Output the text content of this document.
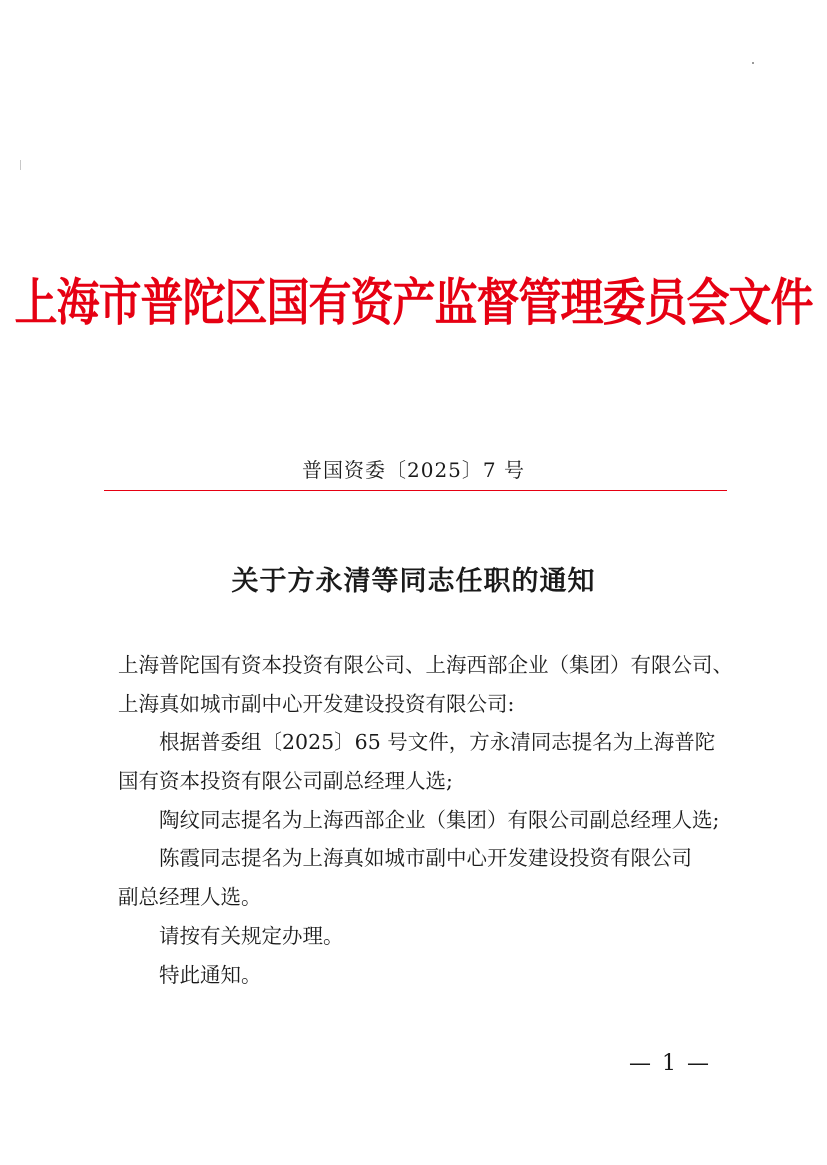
上海市普陀区国有资产监督管理委员会文件
普国资委〔2025〕7 号
关于方永清等同志任职的通知
上海普陀国有资本投资有限公司、上海西部企业（集团）有限公司、
上海真如城市副中心开发建设投资有限公司:
根据普委组〔2025〕65 号文件，方永清同志提名为上海普陀
国有资本投资有限公司副总经理人选;
陶纹同志提名为上海西部企业（集团）有限公司副总经理人选;
陈霞同志提名为上海真如城市副中心开发建设投资有限公司
副总经理人选。
请按有关规定办理。
特此通知。
— 1 —
